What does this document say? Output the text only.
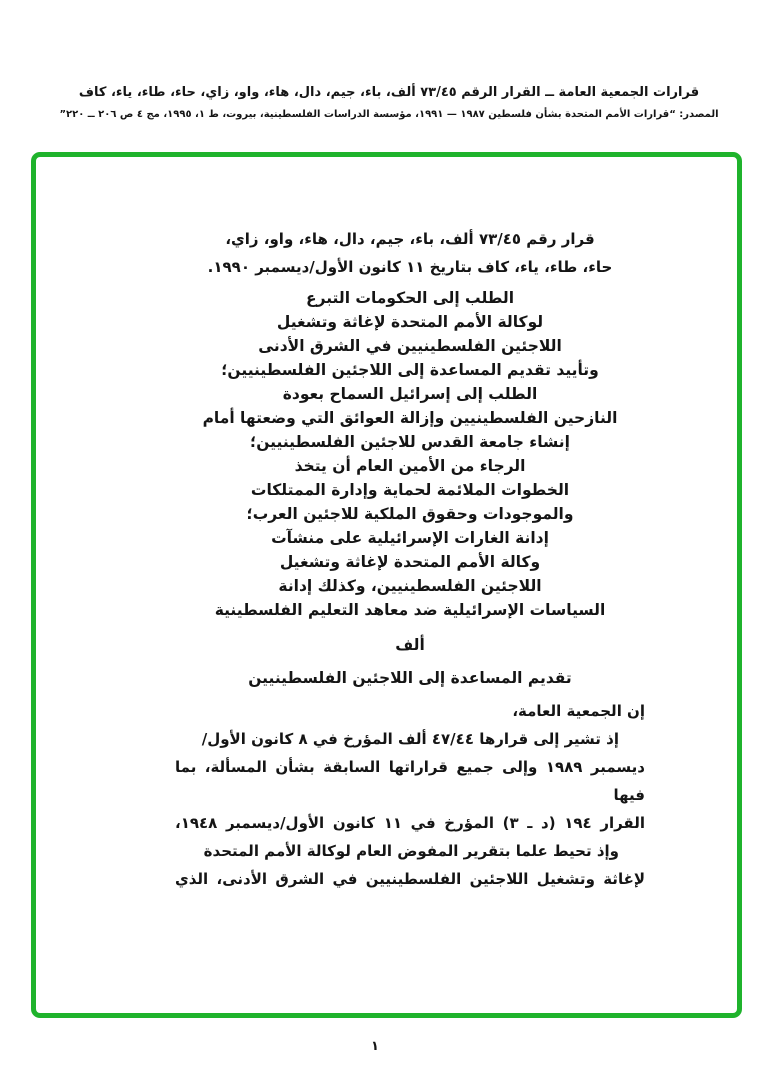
قرارات الجمعية العامة ــ القرار الرقم ٧٣/٤٥ ألف، باء، جيم، دال، هاء، واو، زاي، حاء، طاء، ياء، كاف
المصدر: “قرارات الأمم المتحدة بشأن فلسطين ١٩٨٧ — ١٩٩١، مؤسسة الدراسات الفلسطينية، بيروت، ط ١، ١٩٩٥، مج ٤ ص ٢٠٦ ــ ٢٢٠”
قرار رقم ٧٣/٤٥ ألف، باء، جيم، دال، هاء، واو، زاي،
حاء، طاء، ياء، كاف بتاريخ ١١ كانون الأول/ديسمبر ١٩٩٠.
الطلب إلى الحكومات التبرع
لوكالة الأمم المتحدة لإغاثة وتشغيل
اللاجئين الفلسطينيين في الشرق الأدنى
وتأييد تقديم المساعدة إلى اللاجئين الفلسطينيين؛
الطلب إلى إسرائيل السماح بعودة
النازحين الفلسطينيين وإزالة العوائق التي وضعتها أمام
إنشاء جامعة القدس للاجئين الفلسطينيين؛
الرجاء من الأمين العام أن يتخذ
الخطوات الملائمة لحماية وإدارة الممتلكات
والموجودات وحقوق الملكية للاجئين العرب؛
إدانة الغارات الإسرائيلية على منشآت
وكالة الأمم المتحدة لإغاثة وتشغيل
اللاجئين الفلسطينيين، وكذلك إدانة
السياسات الإسرائيلية ضد معاهد التعليم الفلسطينية
ألف
تقديم المساعدة إلى اللاجئين الفلسطينيين
إن الجمعية العامة،
إذ تشير إلى قرارها ٤٧/٤٤ ألف المؤرخ في ٨ كانون الأول/
ديسمبر ١٩٨٩ وإلى جميع قراراتها السابقة بشأن المسألة، بما فيها
القرار ١٩٤ (د ـ ٣) المؤرخ في ١١ كانون الأول/ديسمبر ١٩٤٨،
وإذ تحيط علما بتقرير المفوض العام لوكالة الأمم المتحدة
لإغاثة وتشغيل اللاجئين الفلسطينيين في الشرق الأدنى، الذي
١
